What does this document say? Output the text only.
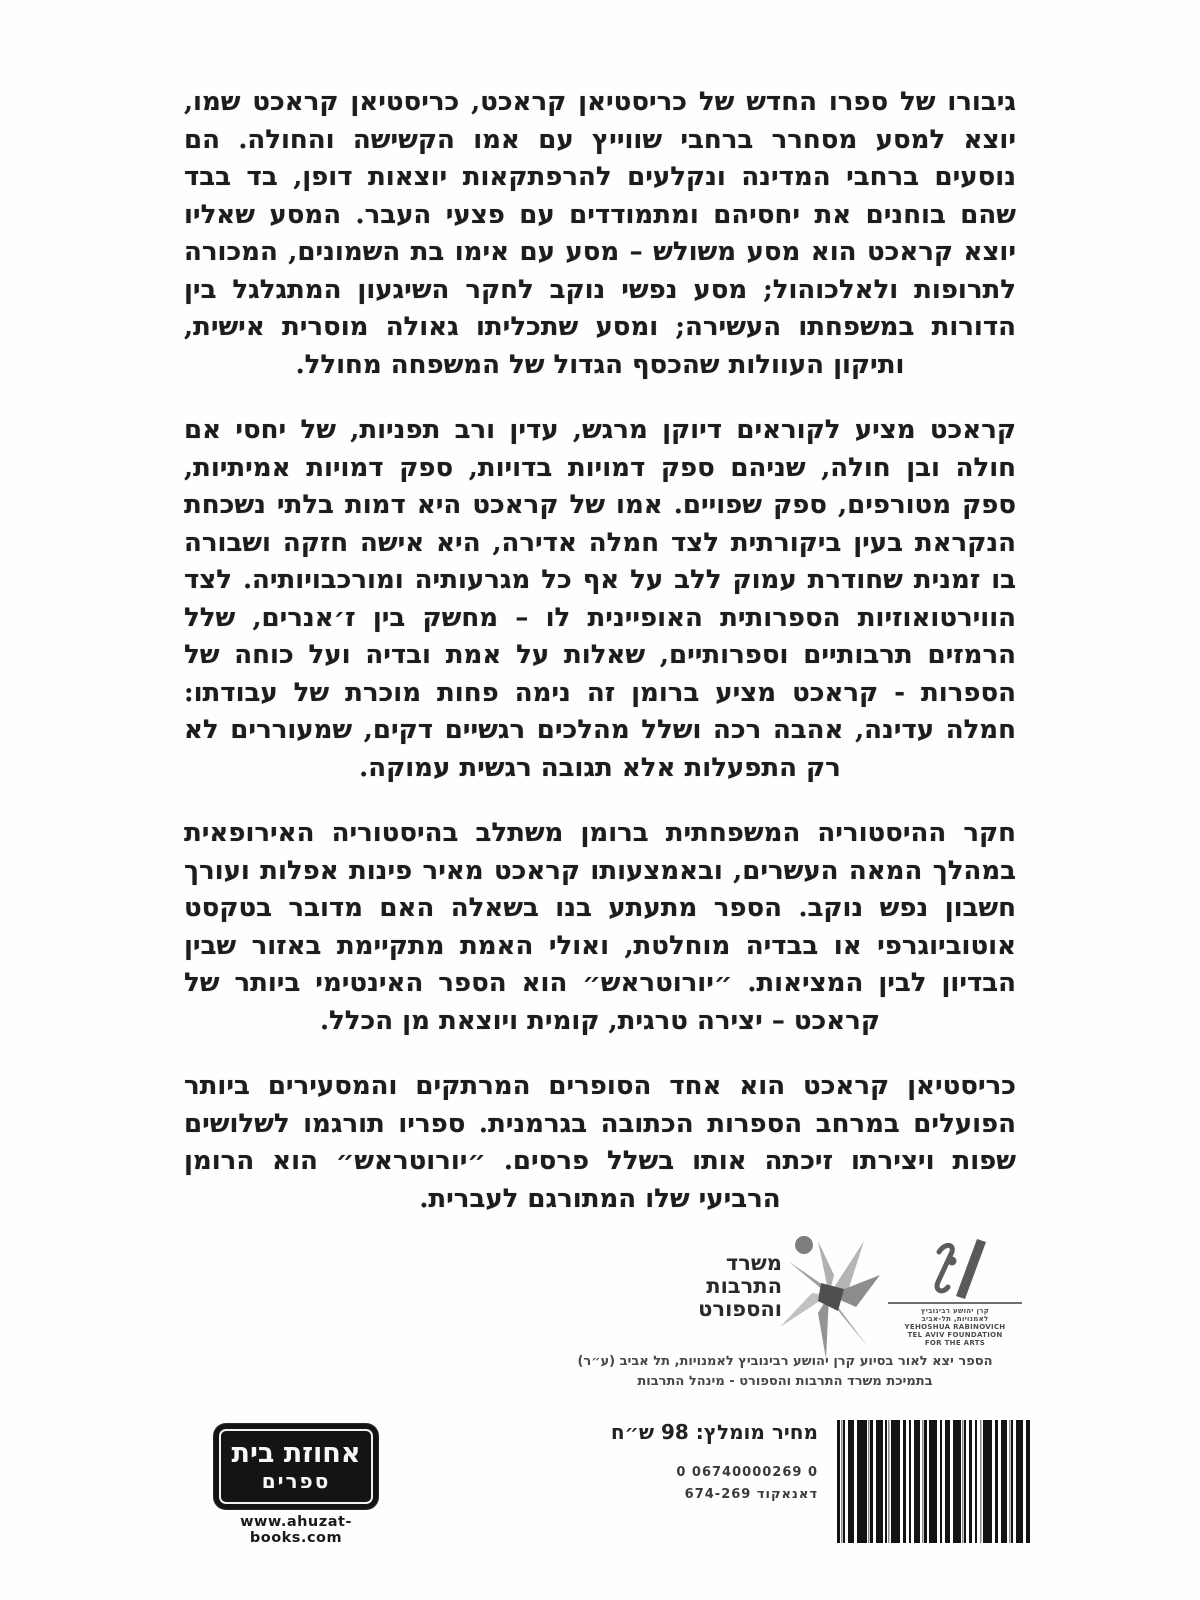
גיבורו של ספרו החדש של כריסטיאן קראכט, כריסטיאן קראכט שמו, יוצא למסע מסחרר ברחבי שווייץ עם אמו הקשישה והחולה. הם נוסעים ברחבי המדינה ונקלעים להרפתקאות יוצאות דופן, בד בבד שהם בוחנים את יחסיהם ומתמודדים עם פצעי העבר. המסע שאליו יוצא קראכט הוא מסע משולש – מסע עם אימו בת השמונים, המכורה לתרופות ולאלכוהול; מסע נפשי נוקב לחקר השיגעון המתגלגל בין הדורות במשפחתו העשירה; ומסע שתכליתו גאולה מוסרית אישית, ותיקון העוולות שהכסף הגדול של המשפחה מחולל.

קראכט מציע לקוראים דיוקן מרגש, עדין ורב תפניות, של יחסי אם חולה ובן חולה, שניהם ספק דמויות בדויות, ספק דמויות אמיתיות, ספק מטורפים, ספק שפויים. אמו של קראכט היא דמות בלתי נשכחת הנקראת בעין ביקורתית לצד חמלה אדירה, היא אישה חזקה ושבורה בו זמנית שחודרת עמוק ללב על אף כל מגרעותיה ומורכבויותיה. לצד הווירטואוזיות הספרותית האופיינית לו – מחשק בין ז׳אנרים, שלל הרמזים תרבותיים וספרותיים, שאלות על אמת ובדיה ועל כוחה של הספרות - קראכט מציע ברומן זה נימה פחות מוכרת של עבודתו: חמלה עדינה, אהבה רכה ושלל מהלכים רגשיים דקים, שמעוררים לא רק התפעלות אלא תגובה רגשית עמוקה.

חקר ההיסטוריה המשפחתית ברומן משתלב בהיסטוריה האירופאית במהלך המאה העשרים, ובאמצעותו קראכט מאיר פינות אפלות ועורך חשבון נפש נוקב. הספר מתעתע בנו בשאלה האם מדובר בטקסט אוטוביוגרפי או בבדיה מוחלטת, ואולי האמת מתקיימת באזור שבין הבדיון לבין המציאות. ״יורוטראש״ הוא הספר האינטימי ביותר של קראכט – יצירה טרגית, קומית ויוצאת מן הכלל.

כריסטיאן קראכט הוא אחד הסופרים המרתקים והמסעירים ביותר הפועלים במרחב הספרות הכתובה בגרמנית. ספריו תורגמו לשלושים שפות ויצירתו זיכתה אותו בשלל פרסים. ״יורוטראש״ הוא הרומן הרביעי שלו המתורגם לעברית.

משרד
התרבות
והספורט	קרן יהושע רבינוביץ
לאמנויות, תל-אביב
YEHOSHUA RABINOVICH
TEL AVIV FOUNDATION
FOR THE ARTS
הספר יצא לאור בסיוע קרן יהושע רבינוביץ לאמנויות, תל אביב (ע״ר)
בתמיכת משרד התרבות והספורט - מינהל התרבות
אחוזת בית
ספרים
www.ahuzat-books.com
מחיר מומלץ: 98 ש״ח
0 06740000269 0
דאנאקוד 674-269
